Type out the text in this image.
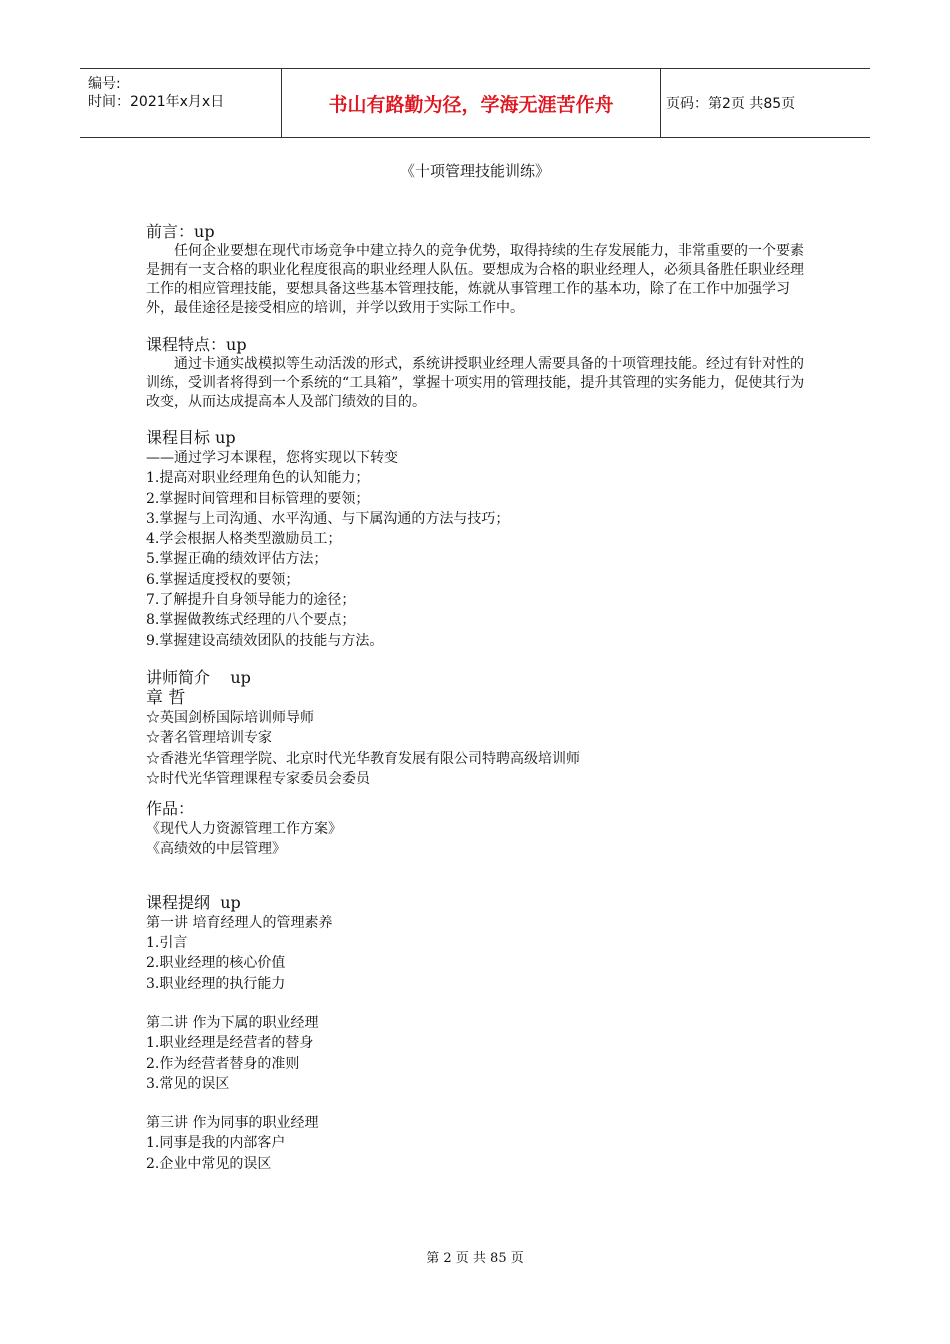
编号:
时间：2021年x月x日	书山有路勤为径，学海无涯苦作舟	页码：第2页 共85页
《十项管理技能训练》

前言：up

任何企业要想在现代市场竞争中建立持久的竞争优势，取得持续的生存发展能力，非常重要的一个要素是拥有一支合格的职业化程度很高的职业经理人队伍。要想成为合格的职业经理人，必须具备胜任职业经理工作的相应管理技能，要想具备这些基本管理技能，炼就从事管理工作的基本功，除了在工作中加强学习外，最佳途径是接受相应的培训，并学以致用于实际工作中。

课程特点：up

通过卡通实战模拟等生动活泼的形式，系统讲授职业经理人需要具备的十项管理技能。经过有针对性的训练，受训者将得到一个系统的“工具箱”，掌握十项实用的管理技能，提升其管理的实务能力，促使其行为改变，从而达成提高本人及部门绩效的目的。

课程目标 up

——通过学习本课程，您将实现以下转变

1.提高对职业经理角色的认知能力；

2.掌握时间管理和目标管理的要领；

3.掌握与上司沟通、水平沟通、与下属沟通的方法与技巧；

4.学会根据人格类型激励员工；

5.掌握正确的绩效评估方法；

6.掌握适度授权的要领；

7.了解提升自身领导能力的途径；

8.掌握做教练式经理的八个要点；

9.掌握建设高绩效团队的技能与方法。

讲师简介 up

章 哲

☆英国剑桥国际培训师导师

☆著名管理培训专家

☆香港光华管理学院、北京时代光华教育发展有限公司特聘高级培训师

☆时代光华管理课程专家委员会委员

作品：

《现代人力资源管理工作方案》

《高绩效的中层管理》

课程提纲 up

第一讲 培育经理人的管理素养

1.引言

2.职业经理的核心价值

3.职业经理的执行能力

第二讲 作为下属的职业经理

1.职业经理是经营者的替身

2.作为经营者替身的准则

3.常见的误区

第三讲 作为同事的职业经理

1.同事是我的内部客户

2.企业中常见的误区

第 2 页 共 85 页
